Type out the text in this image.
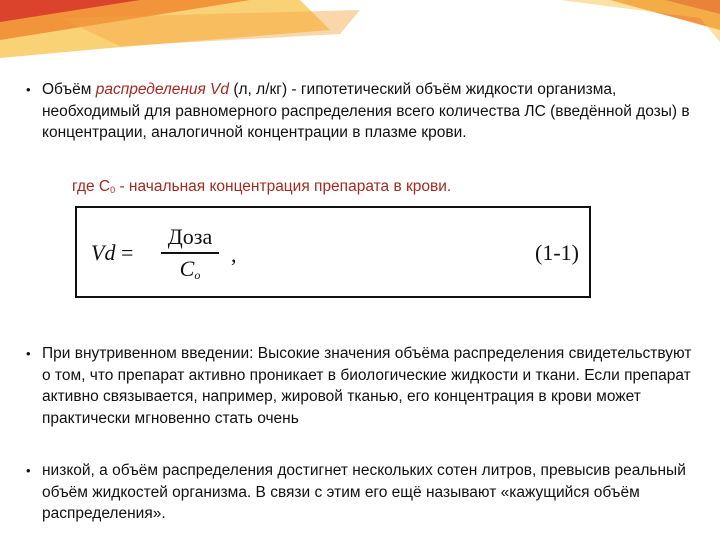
• Объём распределения Vd (л, л/кг) - гипотетический объём жидкости организма, необходимый для равномерного распределения всего количества ЛС (введённой дозы) в концентрации, аналогичной концентрации в плазме крови.
где $С_0$ - начальная концентрация препарата в крови.
Vd =
Доза
$C_o$
,	(1-1)
• При внутривенном введении: Высокие значения объёма распределения свидетельствуют о том, что препарат активно проникает в биологические жидкости и ткани. Если препарат активно связывается, например, жировой тканью, его концентрация в крови может практически мгновенно стать очень
• низкой, а объём распределения достигнет нескольких сотен литров, превысив реальный объём жидкостей организма. В связи с этим его ещё называют «кажущийся объём распределения».
